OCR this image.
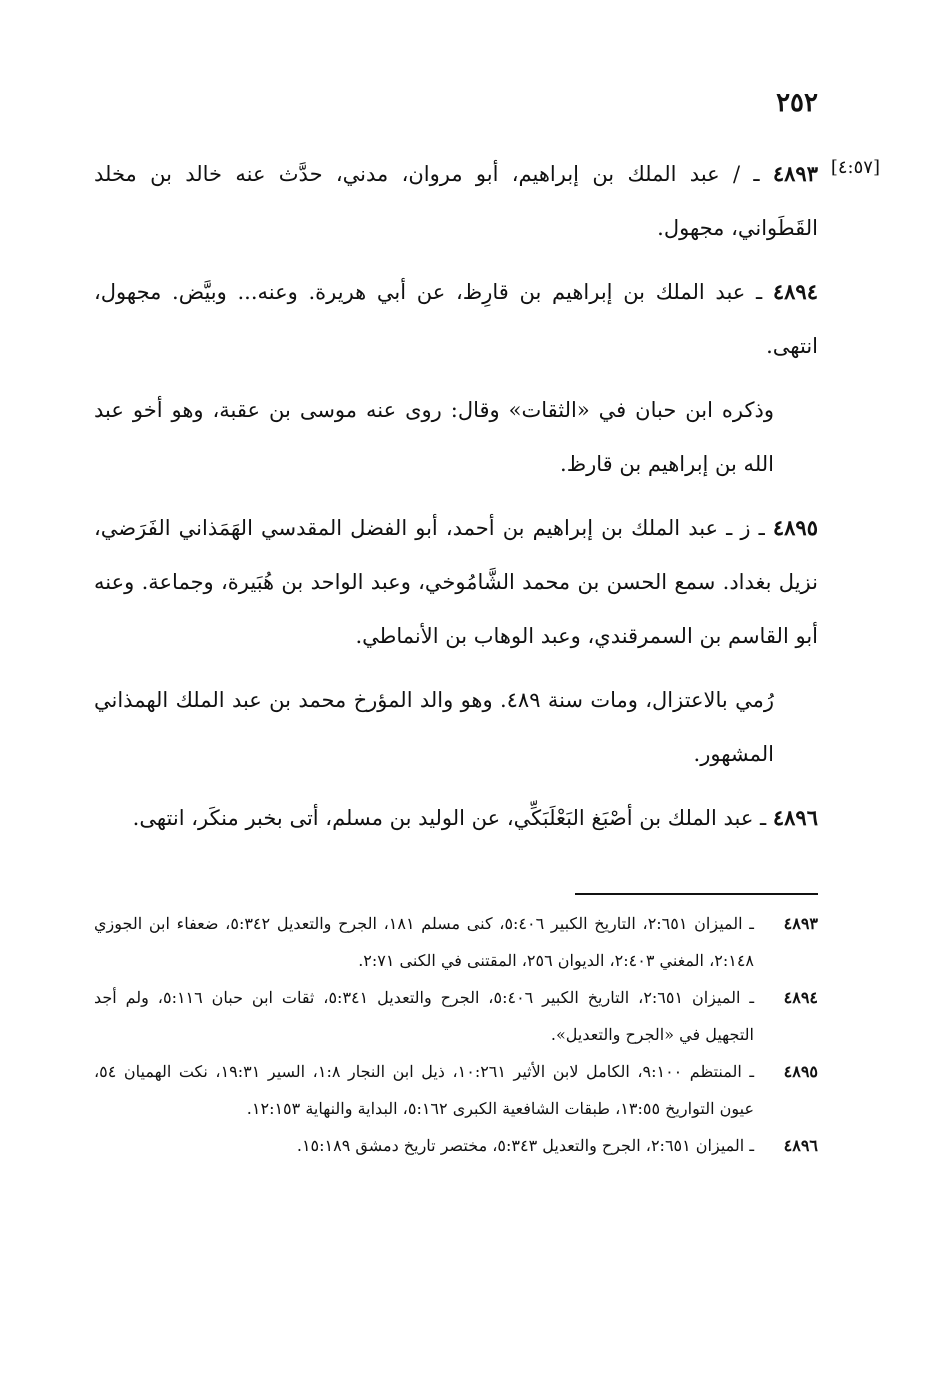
٢٥٢
[٤:٥٧]

٤٨٩٣ ـ / عبد الملك بن إبراهيم، أبو مروان، مدني، حدَّث عنه خالد بن مخلد القَطَواني، مجهول.

٤٨٩٤ ـ عبد الملك بن إبراهيم بن قارِظ، عن أبي هريرة. وعنه... وبيَّض. مجهول، انتهى.

وذكره ابن حبان في «الثقات» وقال: روى عنه موسى بن عقبة، وهو أخو عبد الله بن إبراهيم بن قارظ.

٤٨٩٥ ـ ز ـ عبد الملك بن إبراهيم بن أحمد، أبو الفضل المقدسي الهَمَذاني الفَرَضي، نزيل بغداد. سمع الحسن بن محمد الشَّامُوخي، وعبد الواحد بن هُبَيرة، وجماعة. وعنه أبو القاسم بن السمرقندي، وعبد الوهاب بن الأنماطي.

رُمي بالاعتزال، ومات سنة ٤٨٩. وهو والد المؤرخ محمد بن عبد الملك الهمذاني المشهور.

٤٨٩٦ ـ عبد الملك بن أصْبَغ البَعْلَبَكِّي، عن الوليد بن مسلم، أتى بخبر منكَر، انتهى.

٤٨٩٣
ـ الميزان ٢:٦٥١، التاريخ الكبير ٥:٤٠٦، كنى مسلم ١٨١، الجرح والتعديل ٥:٣٤٢، ضعفاء ابن الجوزي ٢:١٤٨، المغني ٢:٤٠٣، الديوان ٢٥٦، المقتنى في الكنى ٢:٧١.
٤٨٩٤
ـ الميزان ٢:٦٥١، التاريخ الكبير ٥:٤٠٦، الجرح والتعديل ٥:٣٤١، ثقات ابن حبان ٥:١١٦، ولم أجد التجهيل في «الجرح والتعديل».
٤٨٩٥
ـ المنتظم ٩:١٠٠، الكامل لابن الأثير ١٠:٢٦١، ذيل ابن النجار ١:٨، السير ١٩:٣١، نكت الهميان ٥٤، عيون التواريخ ١٣:٥٥، طبقات الشافعية الكبرى ٥:١٦٢، البداية والنهاية ١٢:١٥٣.
٤٨٩٦
ـ الميزان ٢:٦٥١، الجرح والتعديل ٥:٣٤٣، مختصر تاريخ دمشق ١٥:١٨٩.
